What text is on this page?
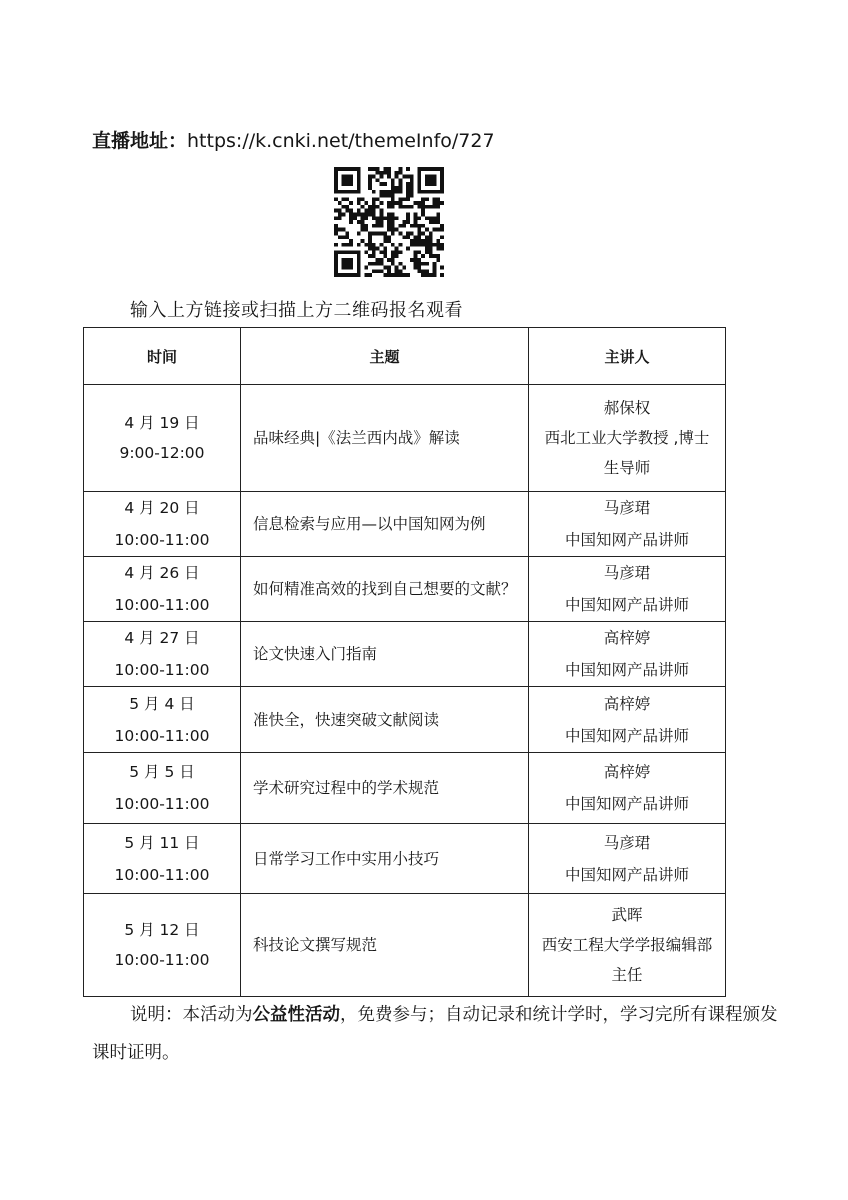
直播地址：https://k.cnki.net/themeInfo/727
输入上方链接或扫描上方二维码报名观看
时间	主题	主讲人

4 月 19 日
9:00-12:00	品味经典|《法兰西内战》解读	郝保权
西北工业大学教授 ,博士生导师

4 月 20 日
10:00-11:00	信息检索与应用—以中国知网为例	马彦珺
中国知网产品讲师

4 月 26 日
10:00-11:00	如何精准高效的找到自己想要的文献？	马彦珺
中国知网产品讲师

4 月 27 日
10:00-11:00	论文快速入门指南	高梓婷
中国知网产品讲师

5 月 4 日
10:00-11:00	准快全，快速突破文献阅读	高梓婷
中国知网产品讲师

5 月 5 日
10:00-11:00	学术研究过程中的学术规范	高梓婷
中国知网产品讲师

5 月 11 日
10:00-11:00	日常学习工作中实用小技巧	马彦珺
中国知网产品讲师

5 月 12 日
10:00-11:00	科技论文撰写规范	武晖
西安工程大学学报编辑部主任
说明：本活动为公益性活动，免费参与；自动记录和统计学时，学习完所有课程颁发课时证明。
